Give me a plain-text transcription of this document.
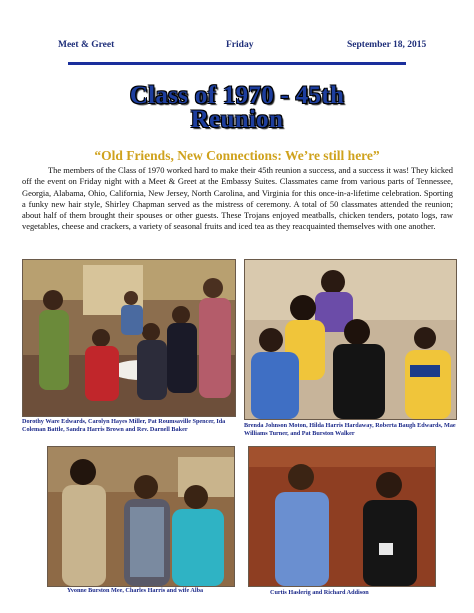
Meet & Greet	Friday	September 18, 2015
Class of 1970 - 45th
Reunion
“Old Friends, New Connections: We’re still here”
The members of the Class of 1970 worked hard to make their 45th reunion a success, and a success it was! They kicked off the event on Friday night with a Meet & Greet at the Embassy Suites. Classmates came from various parts of Tennessee, Georgia, Alabama, Ohio, California, New Jersey, North Carolina, and Virginia for this once-in-a-lifetime celebration. Sporting a funky new hair style, Shirley Chapman served as the mistress of ceremony. A total of 50 classmates attended the reunion; about half of them brought their spouses or other guests. These Trojans enjoyed meatballs, chicken tenders, potato logs, raw vegetables, cheese and crackers, a variety of seasonal fruits and iced tea as they reacquainted themselves with one another.
Dorothy Ware Edwards, Carolyn Hayes Miller, Pat Roumsaville Spencer, Ida Coleman Battle, Sandra Harris Brown and Rev. Darnell Baker
Brenda Johnson Moton, Hilda Harris Hardaway, Roberta Baugh Edwards, Mae Williams Turner, and Pat Burston Walker
Yvonne Burston Mee, Charles Harris and wife Alba	Curtis Haslerig and Richard Addison
